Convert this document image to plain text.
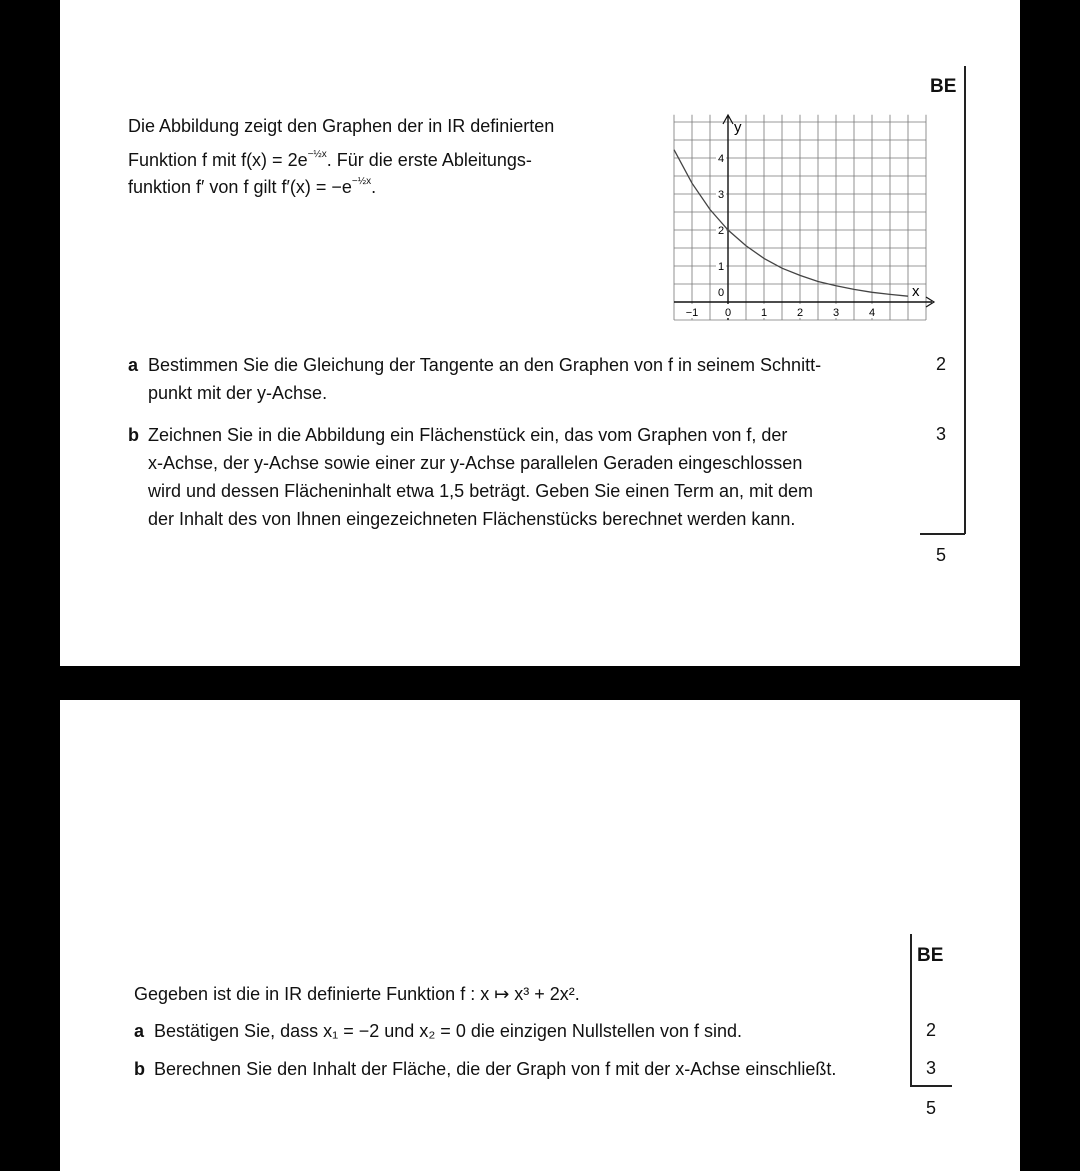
BE
Die Abbildung zeigt den Graphen der in IR definierten
Funktion f mit $f(x) = 2e^{-\frac{1}{2}x}$. Für die erste Ableitungs-
funktion f′ von f gilt $f'(x) = -e^{-\frac{1}{2}x}$.
x
y
−1 0	1	2	3	4
0
1
2
3
4
a Bestimmen Sie die Gleichung der Tangente an den Graphen von f in seinem Schnitt-
punkt mit der y-Achse.
2
b Zeichnen Sie in die Abbildung ein Flächenstück ein, das vom Graphen von f, der
x-Achse, der y-Achse sowie einer zur y-Achse parallelen Geraden eingeschlossen
wird und dessen Flächeninhalt etwa 1,5 beträgt. Geben Sie einen Term an, mit dem
der Inhalt des von Ihnen eingezeichneten Flächenstücks berechnet werden kann.
3
5
BE
Gegeben ist die in IR definierte Funktion f : x ↦ x³ + 2x².
a Bestätigen Sie, dass x₁ = −2 und x₂ = 0 die einzigen Nullstellen von f sind.	2
b Berechnen Sie den Inhalt der Fläche, die der Graph von f mit der x-Achse einschließt.	3
5
